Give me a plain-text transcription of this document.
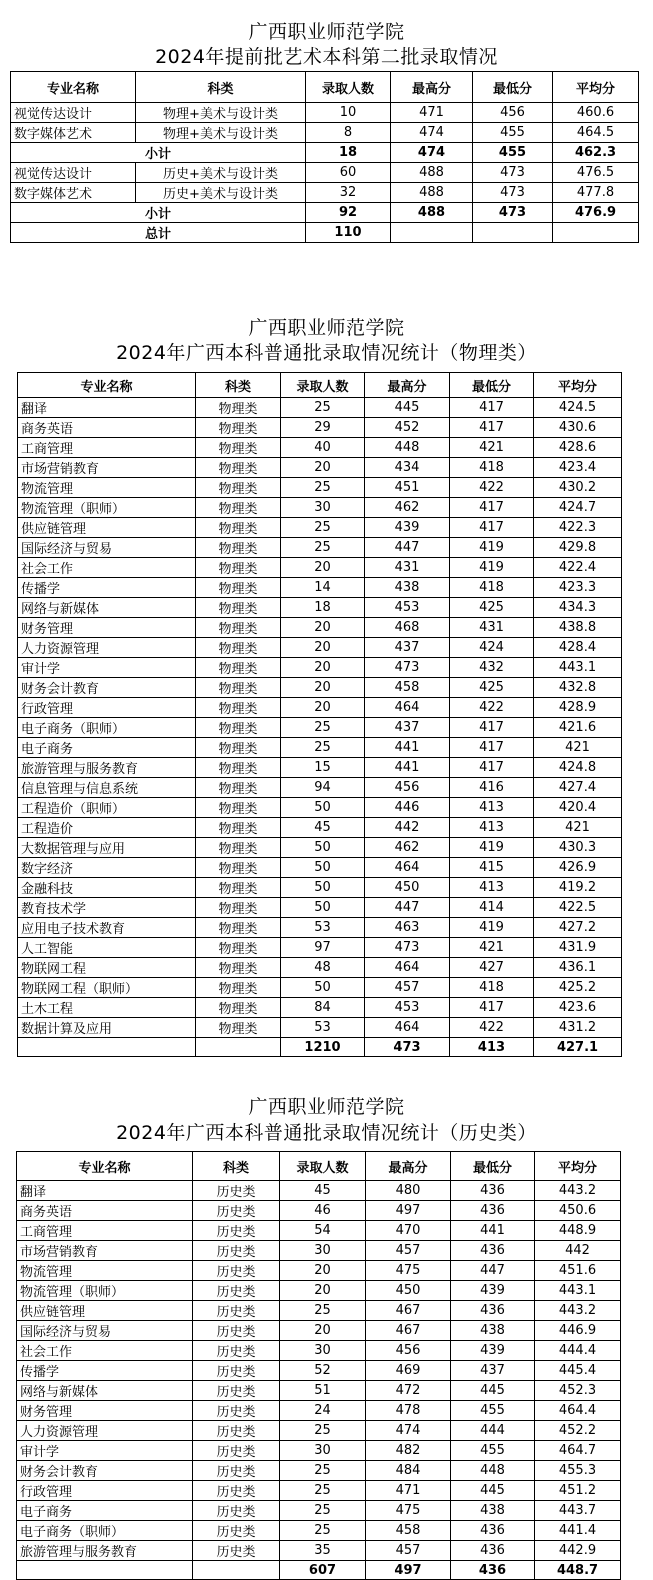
广西职业师范学院
2024年提前批艺术本科第二批录取情况
专业名称	科类	录取人数	最高分	最低分	平均分
视觉传达设计	物理+美术与设计类	10	471	456	460.6
数字媒体艺术	物理+美术与设计类	8	474	455	464.5
小计		18	474	455	462.3
视觉传达设计	历史+美术与设计类	60	488	473	476.5
数字媒体艺术	历史+美术与设计类	32	488	473	477.8
小计		92	488	473	476.9
总计		110			
广西职业师范学院
2024年广西本科普通批录取情况统计（物理类）
专业名称	科类	录取人数	最高分	最低分	平均分
翻译	物理类	25	445	417	424.5
商务英语	物理类	29	452	417	430.6
工商管理	物理类	40	448	421	428.6
市场营销教育	物理类	20	434	418	423.4
物流管理	物理类	25	451	422	430.2
物流管理（职师）	物理类	30	462	417	424.7
供应链管理	物理类	25	439	417	422.3
国际经济与贸易	物理类	25	447	419	429.8
社会工作	物理类	20	431	419	422.4
传播学	物理类	14	438	418	423.3
网络与新媒体	物理类	18	453	425	434.3
财务管理	物理类	20	468	431	438.8
人力资源管理	物理类	20	437	424	428.4
审计学	物理类	20	473	432	443.1
财务会计教育	物理类	20	458	425	432.8
行政管理	物理类	20	464	422	428.9
电子商务（职师）	物理类	25	437	417	421.6
电子商务	物理类	25	441	417	421
旅游管理与服务教育	物理类	15	441	417	424.8
信息管理与信息系统	物理类	94	456	416	427.4
工程造价（职师）	物理类	50	446	413	420.4
工程造价	物理类	45	442	413	421
大数据管理与应用	物理类	50	462	419	430.3
数字经济	物理类	50	464	415	426.9
金融科技	物理类	50	450	413	419.2
教育技术学	物理类	50	447	414	422.5
应用电子技术教育	物理类	53	463	419	427.2
人工智能	物理类	97	473	421	431.9
物联网工程	物理类	48	464	427	436.1
物联网工程（职师）	物理类	50	457	418	425.2
土木工程	物理类	84	453	417	423.6
数据计算及应用	物理类	53	464	422	431.2
		1210	473	413	427.1
广西职业师范学院
2024年广西本科普通批录取情况统计（历史类）
专业名称	科类	录取人数	最高分	最低分	平均分
翻译	历史类	45	480	436	443.2
商务英语	历史类	46	497	436	450.6
工商管理	历史类	54	470	441	448.9
市场营销教育	历史类	30	457	436	442
物流管理	历史类	20	475	447	451.6
物流管理（职师）	历史类	20	450	439	443.1
供应链管理	历史类	25	467	436	443.2
国际经济与贸易	历史类	20	467	438	446.9
社会工作	历史类	30	456	439	444.4
传播学	历史类	52	469	437	445.4
网络与新媒体	历史类	51	472	445	452.3
财务管理	历史类	24	478	455	464.4
人力资源管理	历史类	25	474	444	452.2
审计学	历史类	30	482	455	464.7
财务会计教育	历史类	25	484	448	455.3
行政管理	历史类	25	471	445	451.2
电子商务	历史类	25	475	438	443.7
电子商务（职师）	历史类	25	458	436	441.4
旅游管理与服务教育	历史类	35	457	436	442.9
		607	497	436	448.7
